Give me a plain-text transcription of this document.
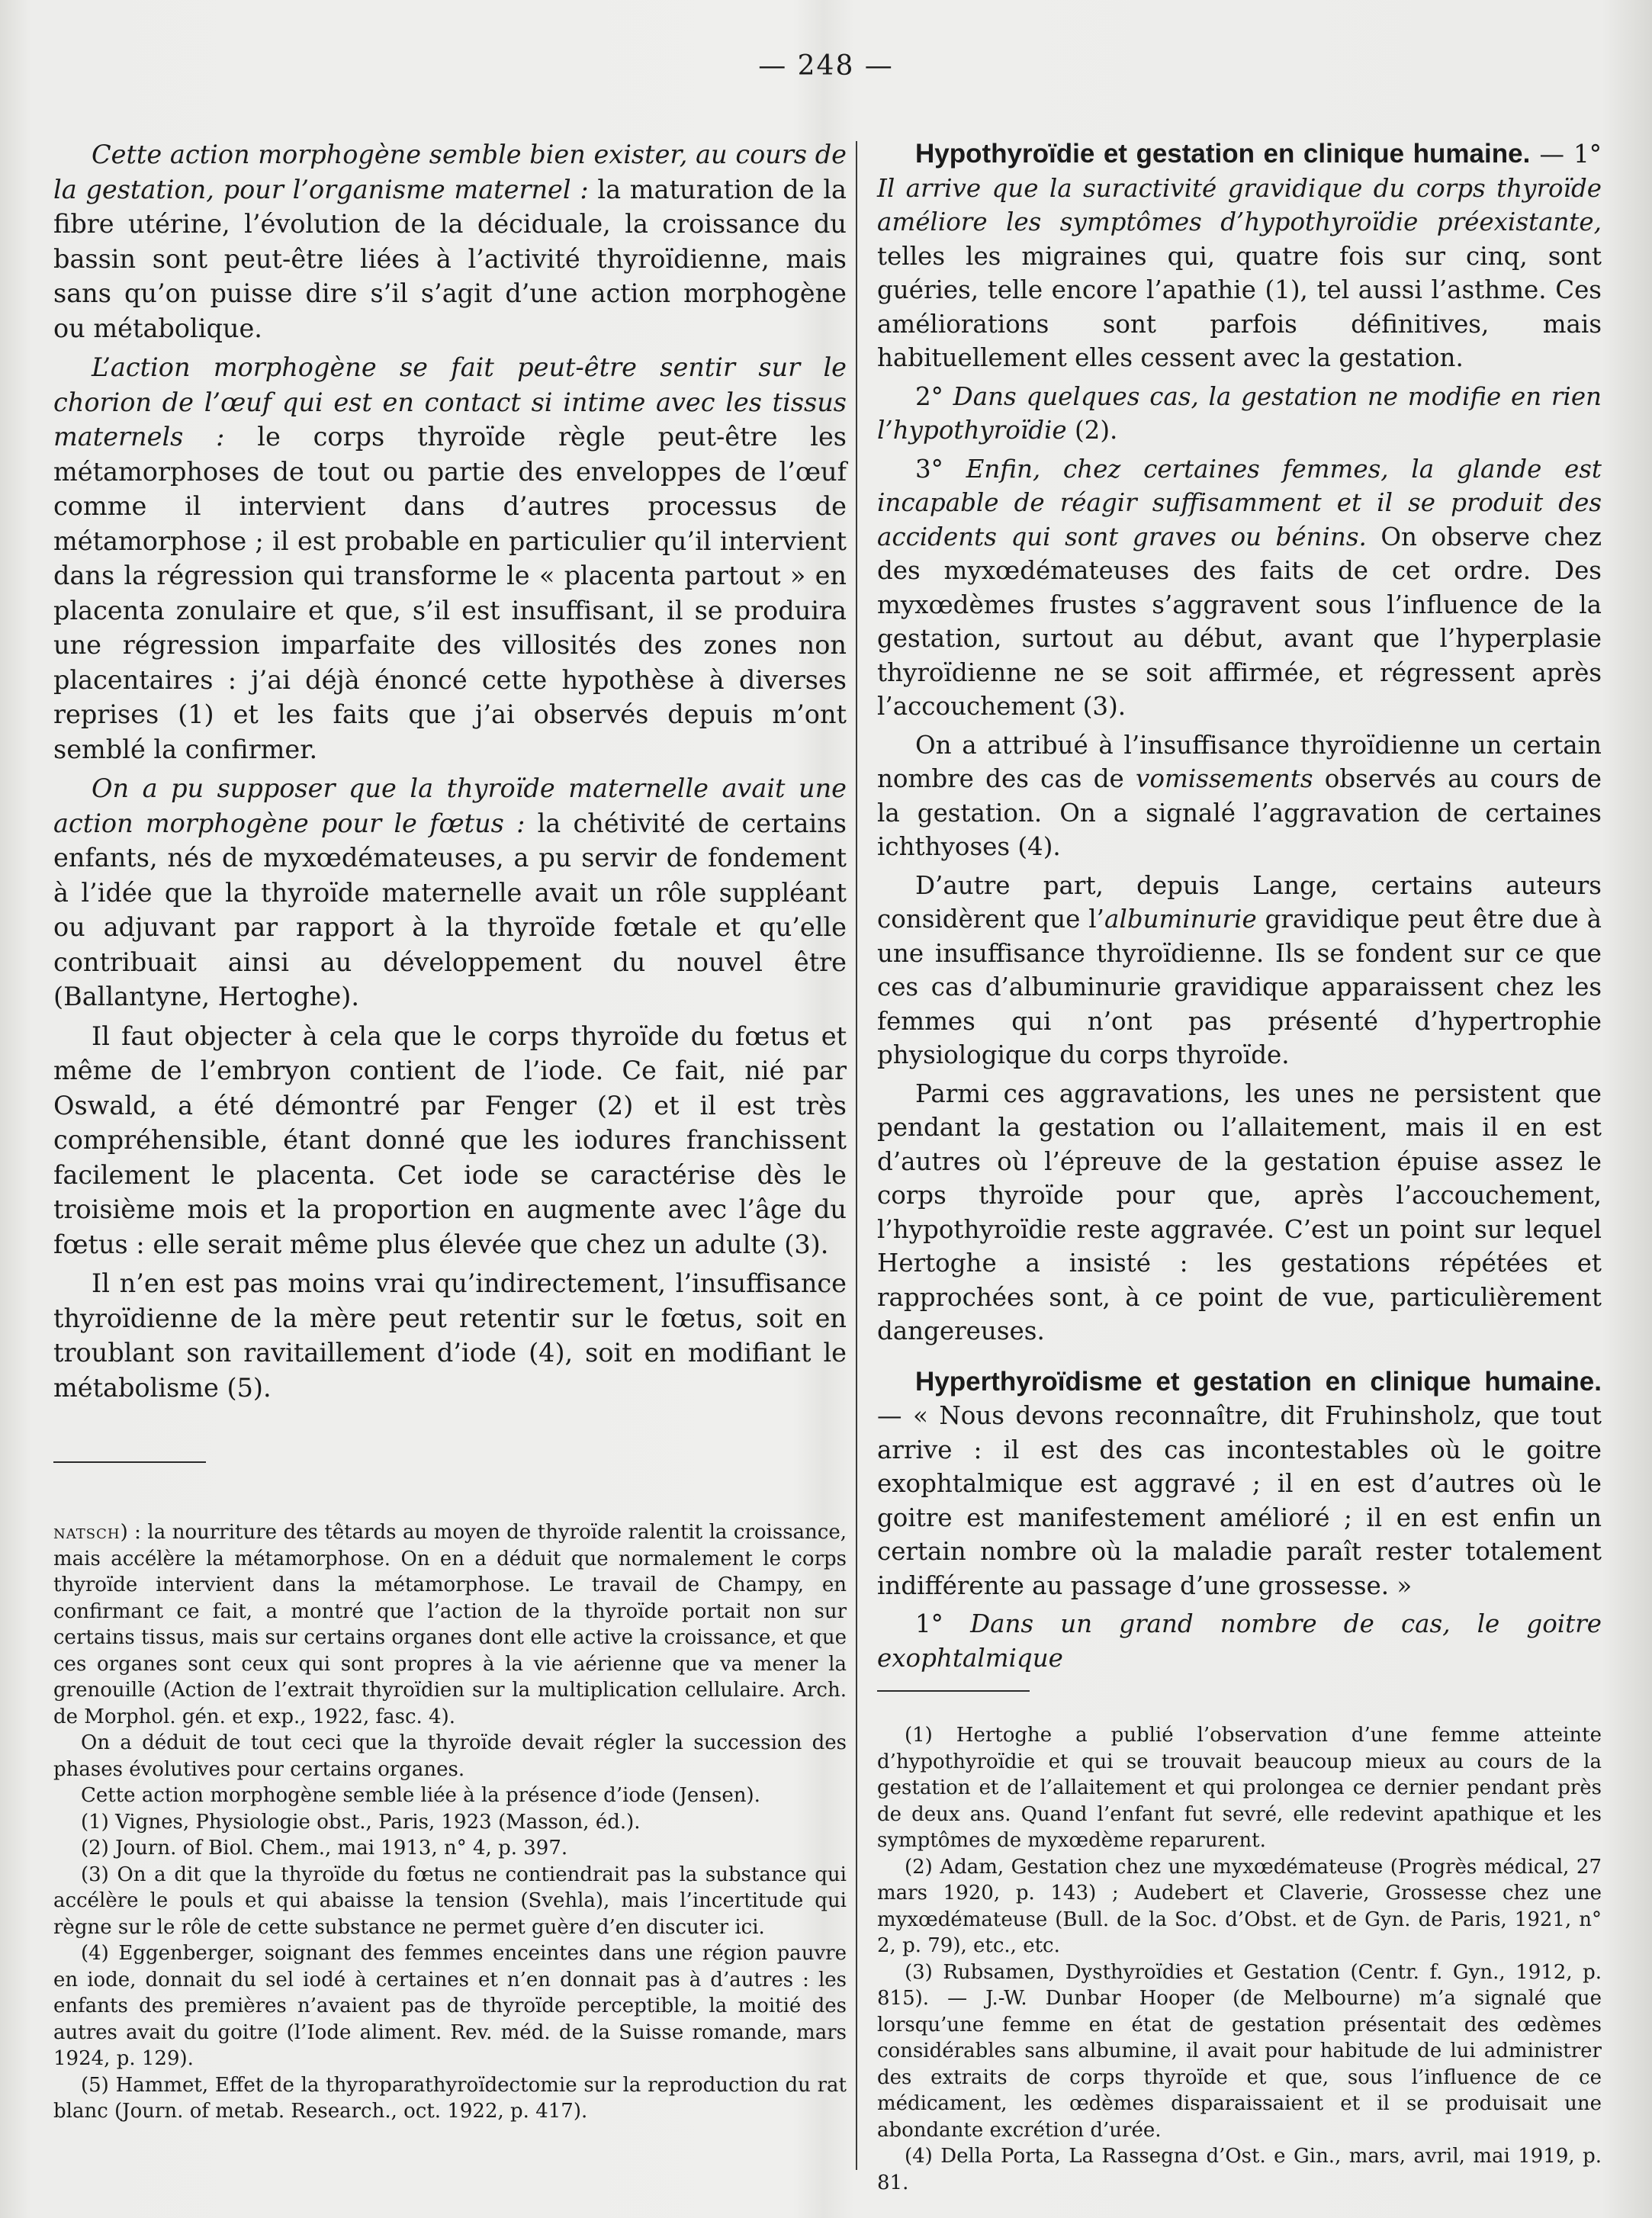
— 248 —

Cette action morphogène semble bien exister, au cours de la gestation, pour l’organisme maternel : la maturation de la fibre utérine, l’évolution de la déciduale, la croissance du bassin sont peut-être liées à l’activité thyroïdienne, mais sans qu’on puisse dire s’il s’agit d’une action morphogène ou métabolique.

L’action morphogène se fait peut-être sentir sur le chorion de l’œuf qui est en contact si intime avec les tissus maternels : le corps thyroïde règle peut-être les métamorphoses de tout ou partie des enveloppes de l’œuf comme il intervient dans d’autres processus de métamorphose ; il est probable en particulier qu’il intervient dans la régression qui transforme le « placenta partout » en placenta zonulaire et que, s’il est insuffisant, il se produira une régression imparfaite des villosités des zones non placentaires : j’ai déjà énoncé cette hypothèse à diverses reprises (1) et les faits que j’ai observés depuis m’ont semblé la confirmer.

On a pu supposer que la thyroïde maternelle avait une action morphogène pour le fœtus : la chétivité de certains enfants, nés de myxœdémateuses, a pu servir de fondement à l’idée que la thyroïde maternelle avait un rôle suppléant ou adjuvant par rapport à la thyroïde fœtale et qu’elle contribuait ainsi au développement du nouvel être (Ballantyne, Hertoghe).

Il faut objecter à cela que le corps thyroïde du fœtus et même de l’embryon contient de l’iode. Ce fait, nié par Oswald, a été démontré par Fenger (2) et il est très compréhensible, étant donné que les iodures franchissent facilement le placenta. Cet iode se caractérise dès le troisième mois et la proportion en augmente avec l’âge du fœtus : elle serait même plus élevée que chez un adulte (3).

Il n’en est pas moins vrai qu’indirectement, l’insuffisance thyroïdienne de la mère peut retentir sur le fœtus, soit en troublant son ravitaillement d’iode (4), soit en modifiant le métabolisme (5).

natsch) : la nourriture des têtards au moyen de thyroïde ralentit la croissance, mais accélère la métamorphose. On en a déduit que normalement le corps thyroïde intervient dans la métamorphose. Le travail de Champy, en confirmant ce fait, a montré que l’action de la thyroïde portait non sur certains tissus, mais sur certains organes dont elle active la croissance, et que ces organes sont ceux qui sont propres à la vie aérienne que va mener la grenouille (Action de l’extrait thyroïdien sur la multiplication cellulaire. Arch. de Morphol. gén. et exp., 1922, fasc. 4).

On a déduit de tout ceci que la thyroïde devait régler la succession des phases évolutives pour certains organes.

Cette action morphogène semble liée à la présence d’iode (Jensen).

(1) Vignes, Physiologie obst., Paris, 1923 (Masson, éd.).

(2) Journ. of Biol. Chem., mai 1913, n° 4, p. 397.

(3) On a dit que la thyroïde du fœtus ne contiendrait pas la substance qui accélère le pouls et qui abaisse la tension (Svehla), mais l’incertitude qui règne sur le rôle de cette substance ne permet guère d’en discuter ici.

(4) Eggenberger, soignant des femmes enceintes dans une région pauvre en iode, donnait du sel iodé à certaines et n’en donnait pas à d’autres : les enfants des premières n’avaient pas de thyroïde perceptible, la moitié des autres avait du goitre (l’Iode aliment. Rev. méd. de la Suisse romande, mars 1924, p. 129).

(5) Hammet, Effet de la thyroparathyroïdectomie sur la reproduction du rat blanc (Journ. of metab. Research., oct. 1922, p. 417).

Hypothyroïdie et gestation en clinique humaine. — 1° Il arrive que la suractivité gravidique du corps thyroïde améliore les symptômes d’hypothyroïdie préexistante, telles les migraines qui, quatre fois sur cinq, sont guéries, telle encore l’apathie (1), tel aussi l’asthme. Ces améliorations sont parfois définitives, mais habituellement elles cessent avec la gestation.

2° Dans quelques cas, la gestation ne modifie en rien l’hypothyroïdie (2).

3° Enfin, chez certaines femmes, la glande est incapable de réagir suffisamment et il se produit des accidents qui sont graves ou bénins. On observe chez des myxœdémateuses des faits de cet ordre. Des myxœdèmes frustes s’aggravent sous l’influence de la gestation, surtout au début, avant que l’hyperplasie thyroïdienne ne se soit affirmée, et régressent après l’accouchement (3).

On a attribué à l’insuffisance thyroïdienne un certain nombre des cas de vomissements observés au cours de la gestation. On a signalé l’aggravation de certaines ichthyoses (4).

D’autre part, depuis Lange, certains auteurs considèrent que l’albuminurie gravidique peut être due à une insuffisance thyroïdienne. Ils se fondent sur ce que ces cas d’albuminurie gravidique apparaissent chez les femmes qui n’ont pas présenté d’hypertrophie physiologique du corps thyroïde.

Parmi ces aggravations, les unes ne persistent que pendant la gestation ou l’allaitement, mais il en est d’autres où l’épreuve de la gestation épuise assez le corps thyroïde pour que, après l’accouchement, l’hypothyroïdie reste aggravée. C’est un point sur lequel Hertoghe a insisté : les gestations répétées et rapprochées sont, à ce point de vue, particulièrement dangereuses.

Hyperthyroïdisme et gestation en clinique humaine. — « Nous devons reconnaître, dit Fruhinsholz, que tout arrive : il est des cas incontestables où le goitre exophtalmique est aggravé ; il en est d’autres où le goitre est manifestement amélioré ; il en est enfin un certain nombre où la maladie paraît rester totalement indifférente au passage d’une grossesse. »

1° Dans un grand nombre de cas, le goitre exophtalmique

(1) Hertoghe a publié l’observation d’une femme atteinte d’hypothyroïdie et qui se trouvait beaucoup mieux au cours de la gestation et de l’allaitement et qui prolongea ce dernier pendant près de deux ans. Quand l’enfant fut sevré, elle redevint apathique et les symptômes de myxœdème reparurent.

(2) Adam, Gestation chez une myxœdémateuse (Progrès médical, 27 mars 1920, p. 143) ; Audebert et Claverie, Grossesse chez une myxœdémateuse (Bull. de la Soc. d’Obst. et de Gyn. de Paris, 1921, n° 2, p. 79), etc., etc.

(3) Rubsamen, Dysthyroïdies et Gestation (Centr. f. Gyn., 1912, p. 815). — J.-W. Dunbar Hooper (de Melbourne) m’a signalé que lorsqu’une femme en état de gestation présentait des œdèmes considérables sans albumine, il avait pour habitude de lui administrer des extraits de corps thyroïde et que, sous l’influence de ce médicament, les œdèmes disparaissaient et il se produisait une abondante excrétion d’urée.

(4) Della Porta, La Rassegna d’Ost. e Gin., mars, avril, mai 1919, p. 81.
